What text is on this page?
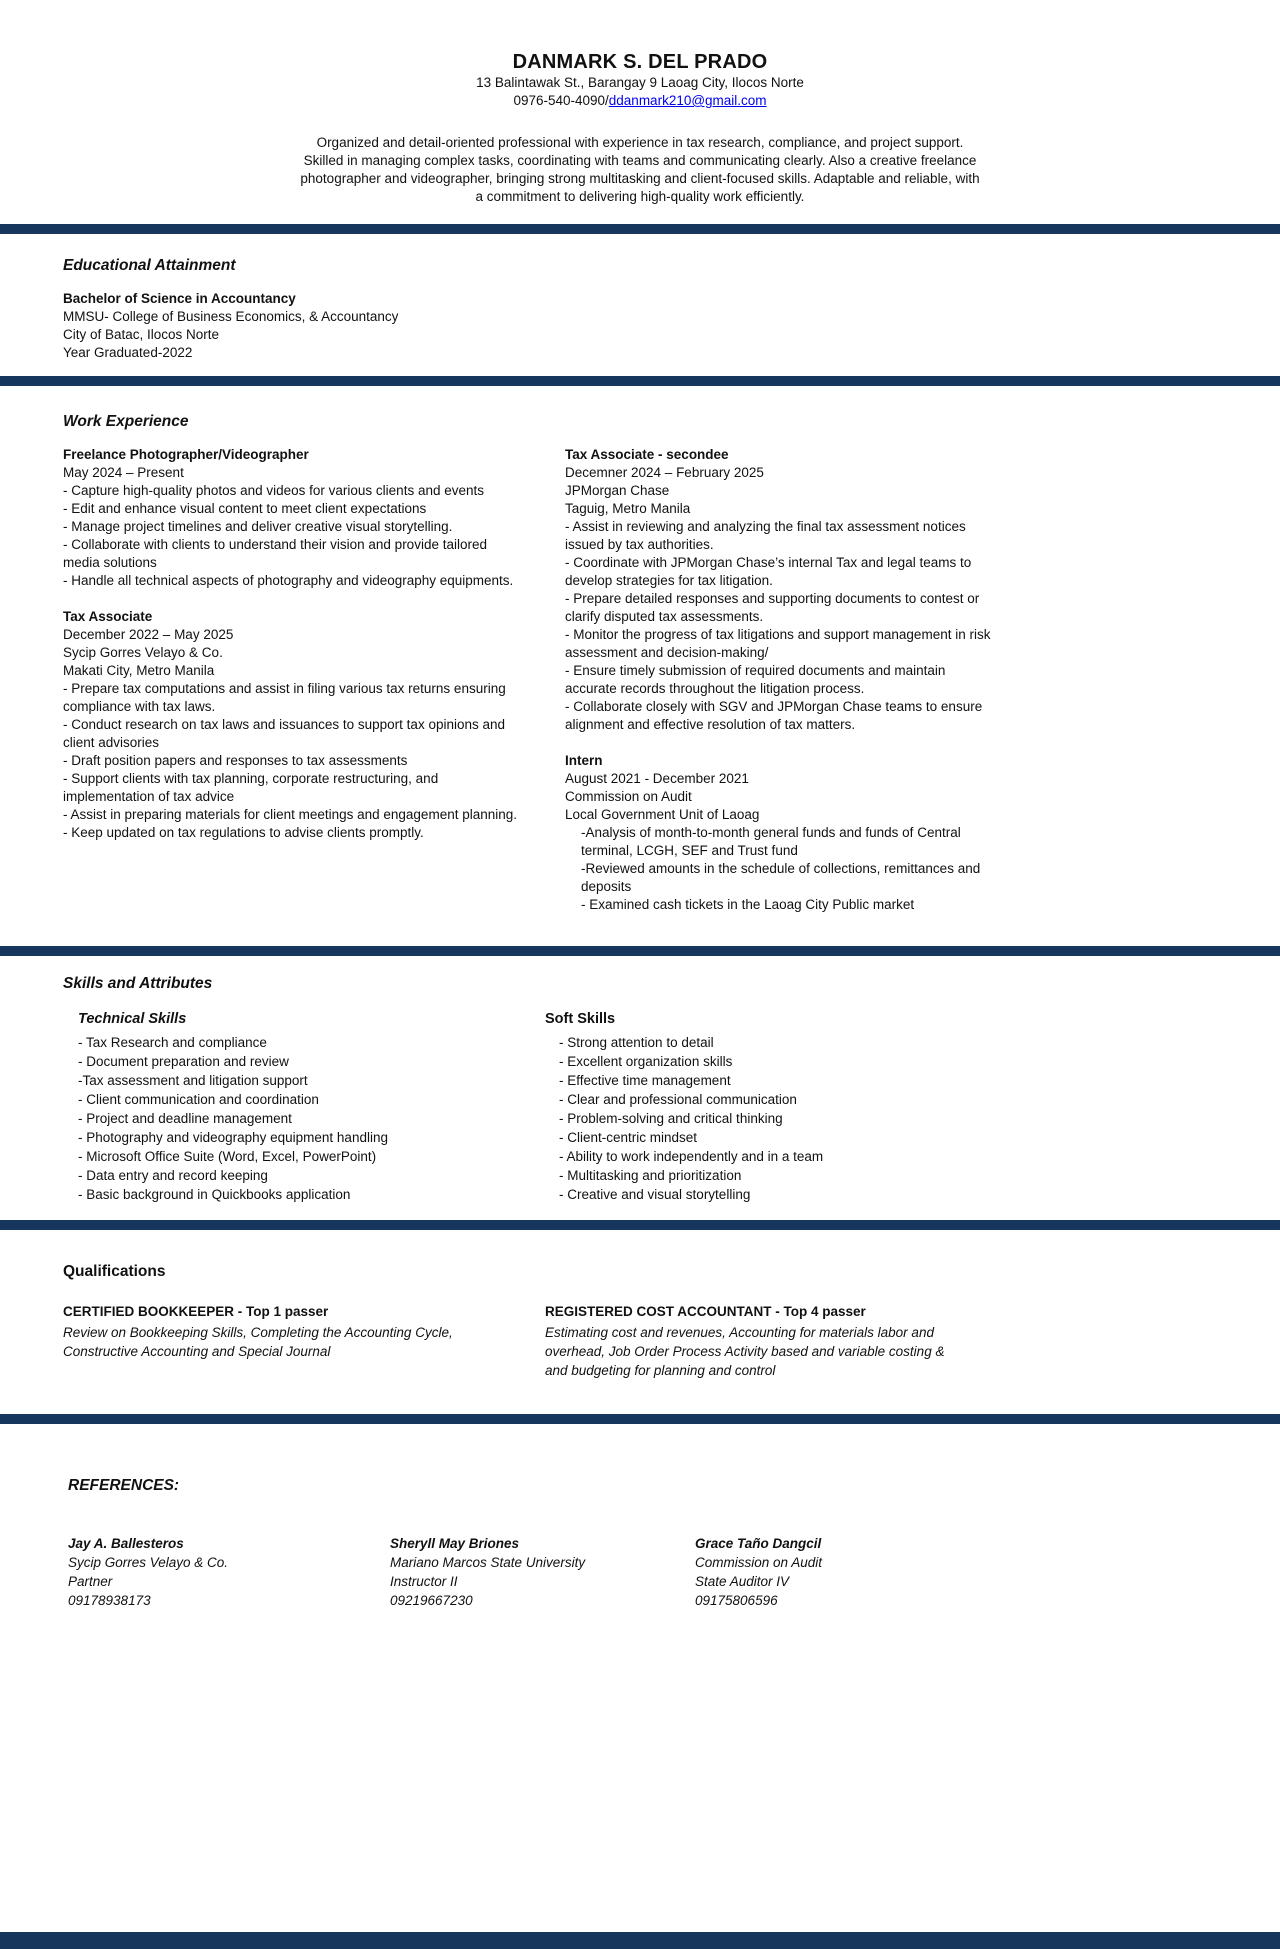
DANMARK S. DEL PRADO
13 Balintawak St., Barangay 9 Laoag City, Ilocos Norte
0976-540-4090/ddanmark210@gmail.com

Organized and detail-oriented professional with experience in tax research, compliance, and project support. Skilled in managing complex tasks, coordinating with teams and communicating clearly. Also a creative freelance photographer and videographer, bringing strong multitasking and client-focused skills. Adaptable and reliable, with a commitment to delivering high-quality work efficiently.

Educational Attainment
Bachelor of Science in Accountancy
MMSU- College of Business Economics, & Accountancy
City of Batac, Ilocos Norte
Year Graduated-2022
Work Experience
Freelance Photographer/Videographer
May 2024 – Present
- Capture high-quality photos and videos for various clients and events
- Edit and enhance visual content to meet client expectations
- Manage project timelines and deliver creative visual storytelling.
- Collaborate with clients to understand their vision and provide tailored media solutions
- Handle all technical aspects of photography and videography equipments.
Tax Associate
December 2022 – May 2025
Sycip Gorres Velayo & Co.
Makati City, Metro Manila
- Prepare tax computations and assist in filing various tax returns ensuring compliance with tax laws.
- Conduct research on tax laws and issuances to support tax opinions and client advisories
- Draft position papers and responses to tax assessments
- Support clients with tax planning, corporate restructuring, and implementation of tax advice
- Assist in preparing materials for client meetings and engagement planning.
- Keep updated on tax regulations to advise clients promptly.
Tax Associate - secondee
Decemner 2024 – February 2025
JPMorgan Chase
Taguig, Metro Manila
- Assist in reviewing and analyzing the final tax assessment notices issued by tax authorities.
- Coordinate with JPMorgan Chase’s internal Tax and legal teams to develop strategies for tax litigation.
- Prepare detailed responses and supporting documents to contest or clarify disputed tax assessments.
- Monitor the progress of tax litigations and support management in risk assessment and decision-making/
- Ensure timely submission of required documents and maintain accurate records throughout the litigation process.
- Collaborate closely with SGV and JPMorgan Chase teams to ensure alignment and effective resolution of tax matters.
Intern
August 2021 - December 2021
Commission on Audit
Local Government Unit of Laoag
-Analysis of month-to-month general funds and funds of Central terminal, LCGH, SEF and Trust fund
-Reviewed amounts in the schedule of collections, remittances and deposits
- Examined cash tickets in the Laoag City Public market
Skills and Attributes
Technical Skills
- Tax Research and compliance
- Document preparation and review
-Tax assessment and litigation support
- Client communication and coordination
- Project and deadline management
- Photography and videography equipment handling
- Microsoft Office Suite (Word, Excel, PowerPoint)
- Data entry and record keeping
- Basic background in Quickbooks application
Soft Skills
- Strong attention to detail
- Excellent organization skills
- Effective time management
- Clear and professional communication
- Problem-solving and critical thinking
- Client-centric mindset
- Ability to work independently and in a team
- Multitasking and prioritization
- Creative and visual storytelling
Qualifications
CERTIFIED BOOKKEEPER - Top 1 passer
Review on Bookkeeping Skills, Completing the Accounting Cycle, Constructive Accounting and Special Journal
REGISTERED COST ACCOUNTANT - Top 4 passer
Estimating cost and revenues, Accounting for materials labor and overhead, Job Order Process Activity based and variable costing & and budgeting for planning and control
REFERENCES:
Jay A. Ballesteros
Sycip Gorres Velayo & Co.
Partner
09178938173
Sheryll May Briones
Mariano Marcos State University
Instructor II
09219667230
Grace Taño Dangcil
Commission on Audit
State Auditor IV
09175806596
